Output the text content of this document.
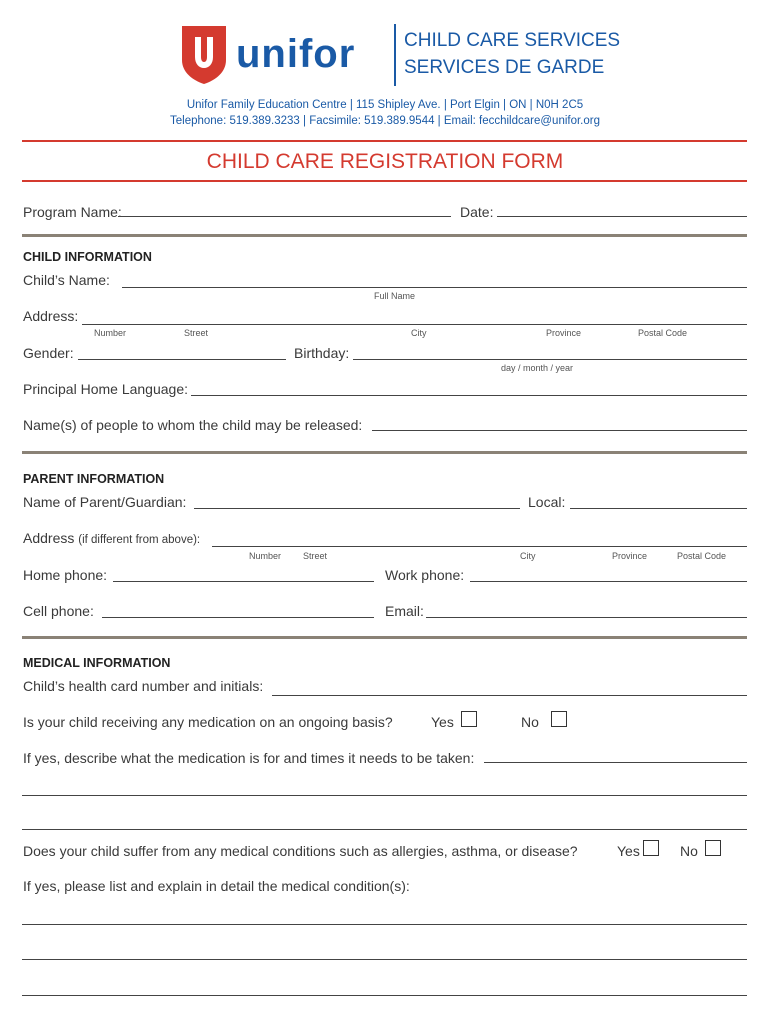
unifor	CHILD CARE SERVICES
SERVICES DE GARDE
Unifor Family Education Centre | 115 Shipley Ave. | Port Elgin | ON | N0H 2C5
Telephone: 519.389.3233 | Facsimile: 519.389.9544 | Email: fecchildcare@unifor.org
CHILD CARE REGISTRATION FORM
Program Name:	Date:
CHILD INFORMATION
Child’s Name:
Full Name
Address:
Number	Street	City	Province	Postal Code
Gender:	Birthday:
day / month / year
Principal Home Language:
Name(s) of people to whom the child may be released:
PARENT INFORMATION
Name of Parent/Guardian:	Local:
Address (if different from above):
Number Street	City	Province	Postal Code
Home phone:	Work phone:
Cell phone:	Email:
MEDICAL INFORMATION
Child’s health card number and initials:
Is your child receiving any medication on an ongoing basis?	Yes	No
If yes, describe what the medication is for and times it needs to be taken:
Does your child suffer from any medical conditions such as allergies, asthma, or disease?	Yes	No
If yes, please list and explain in detail the medical condition(s):
